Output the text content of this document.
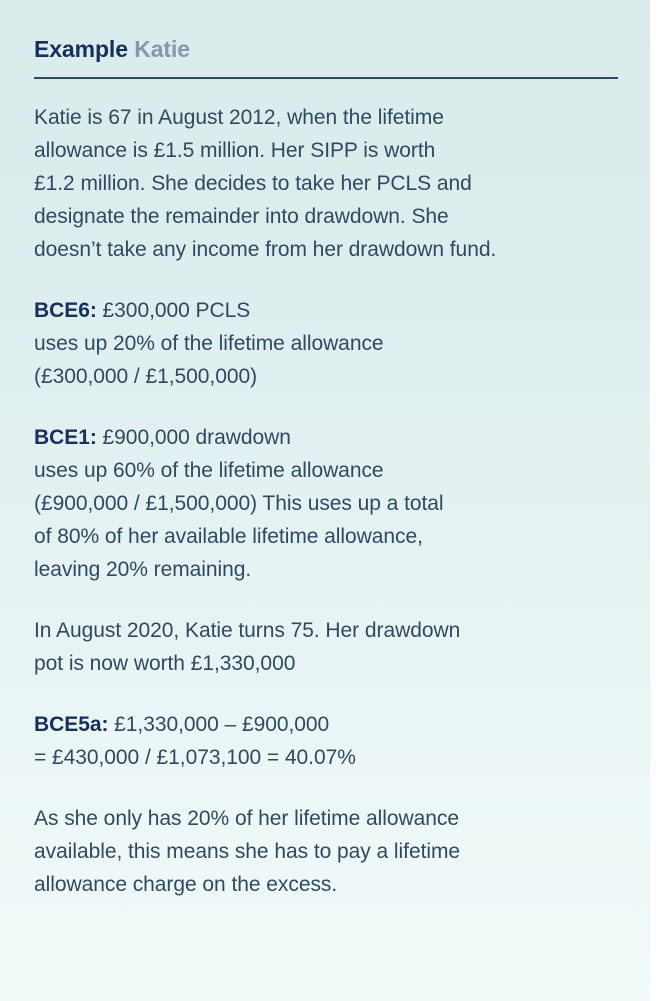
Example Katie

Katie is 67 in August 2012, when the lifetime
allowance is £1.5 million. Her SIPP is worth
£1.2 million. She decides to take her PCLS and
designate the remainder into drawdown. She
doesn’t take any income from her drawdown fund.

BCE6: £300,000 PCLS
uses up 20% of the lifetime allowance
(£300,000 / £1,500,000)

BCE1: £900,000 drawdown
uses up 60% of the lifetime allowance
(£900,000 / £1,500,000) This uses up a total
of 80% of her available lifetime allowance,
leaving 20% remaining.

In August 2020, Katie turns 75. Her drawdown
pot is now worth £1,330,000

BCE5a: £1,330,000 – £900,000
= £430,000 / £1,073,100 = 40.07%

As she only has 20% of her lifetime allowance
available, this means she has to pay a lifetime
allowance charge on the excess.
